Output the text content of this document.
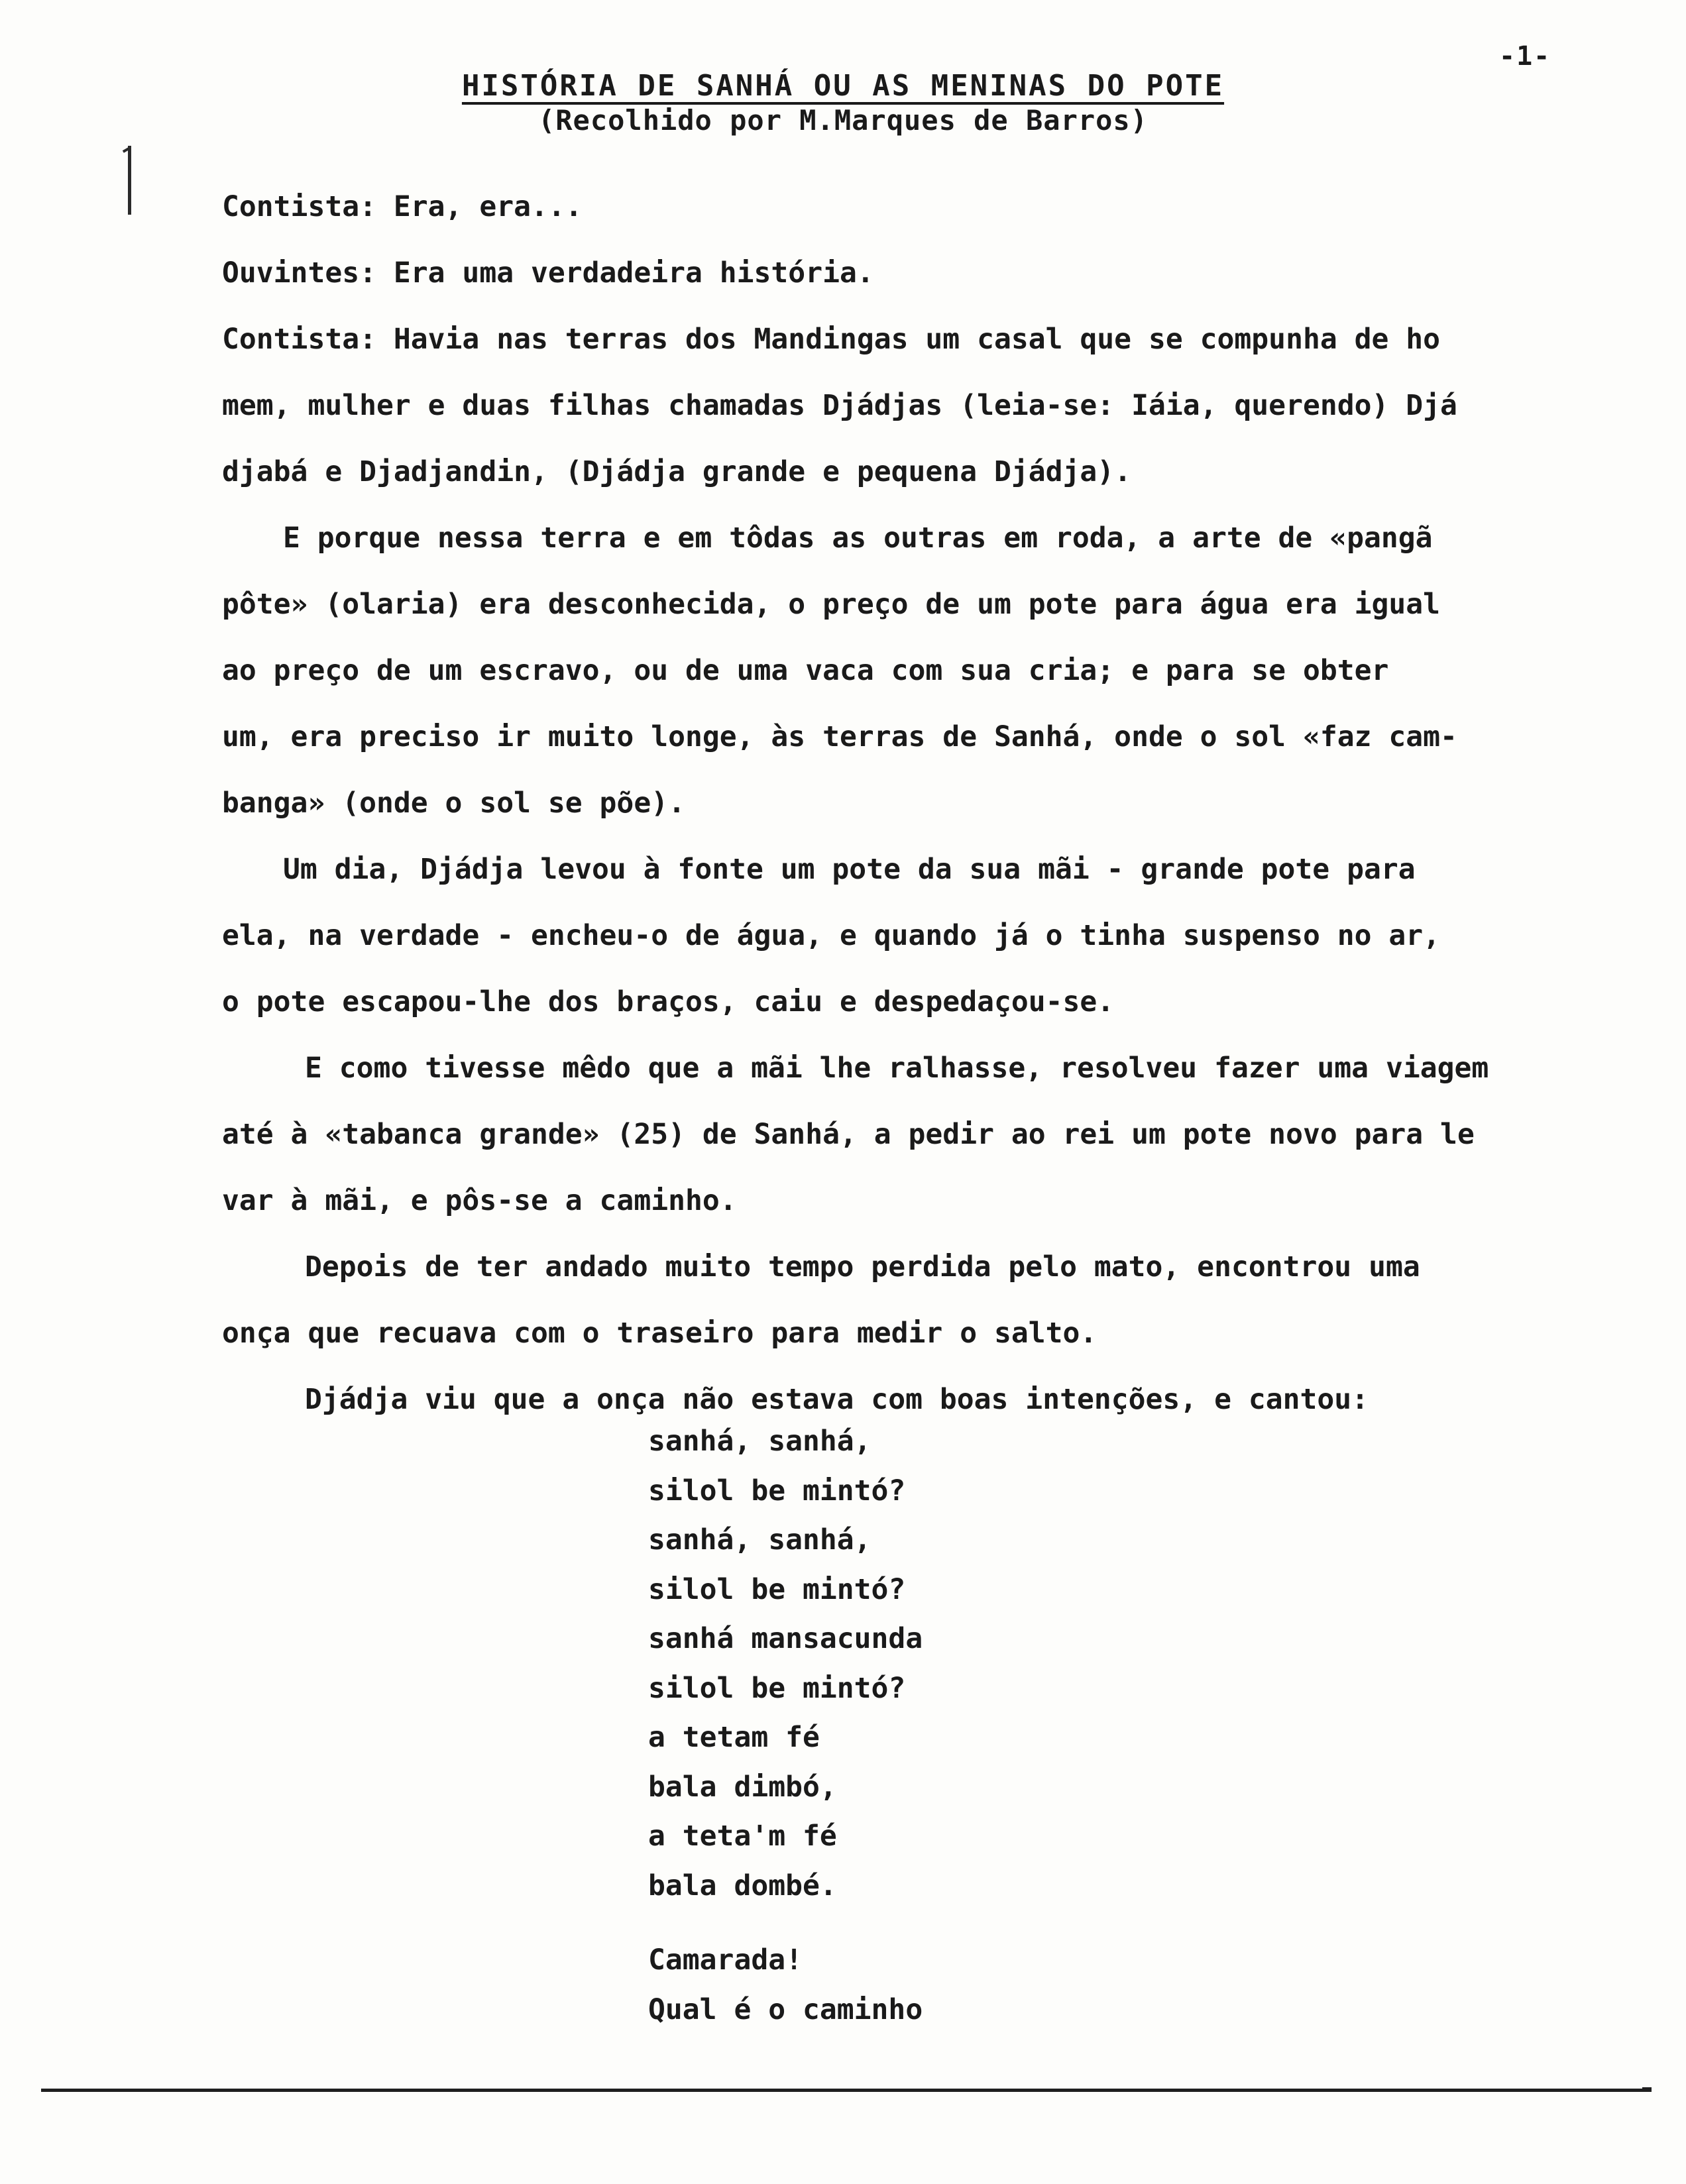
-1-
HISTÓRIA DE SANHÁ OU AS MENINAS DO POTE
(Recolhido por M.Marques de Barros)
Contista: Era, era...
Ouvintes: Era uma verdadeira história.
Contista: Havia nas terras dos Mandingas um casal que se compunha de ho
mem, mulher e duas filhas chamadas Djádjas (leia-se: Iáia, querendo) Djá
djabá e Djadjandin, (Djádja grande e pequena Djádja).
E porque nessa terra e em tôdas as outras em roda, a arte de «pangã
pôte» (olaria) era desconhecida, o preço de um pote para água era igual
ao preço de um escravo, ou de uma vaca com sua cria; e para se obter
um, era preciso ir muito longe, às terras de Sanhá, onde o sol «faz cam-
banga» (onde o sol se põe).
Um dia, Djádja levou à fonte um pote da sua mãi - grande pote para
ela, na verdade - encheu-o de água, e quando já o tinha suspenso no ar,
o pote escapou-lhe dos braços, caiu e despedaçou-se.
E como tivesse mêdo que a mãi lhe ralhasse, resolveu fazer uma viagem
até à «tabanca grande» (25) de Sanhá, a pedir ao rei um pote novo para le
var à mãi, e pôs-se a caminho.
Depois de ter andado muito tempo perdida pelo mato, encontrou uma
onça que recuava com o traseiro para medir o salto.
Djádja viu que a onça não estava com boas intenções, e cantou:
sanhá, sanhá,
silol be mintó?
sanhá, sanhá,
silol be mintó?
sanhá mansacunda
silol be mintó?
a tetam fé
bala dimbó,
a teta'm fé
bala dombé.
Camarada!
Qual é o caminho
